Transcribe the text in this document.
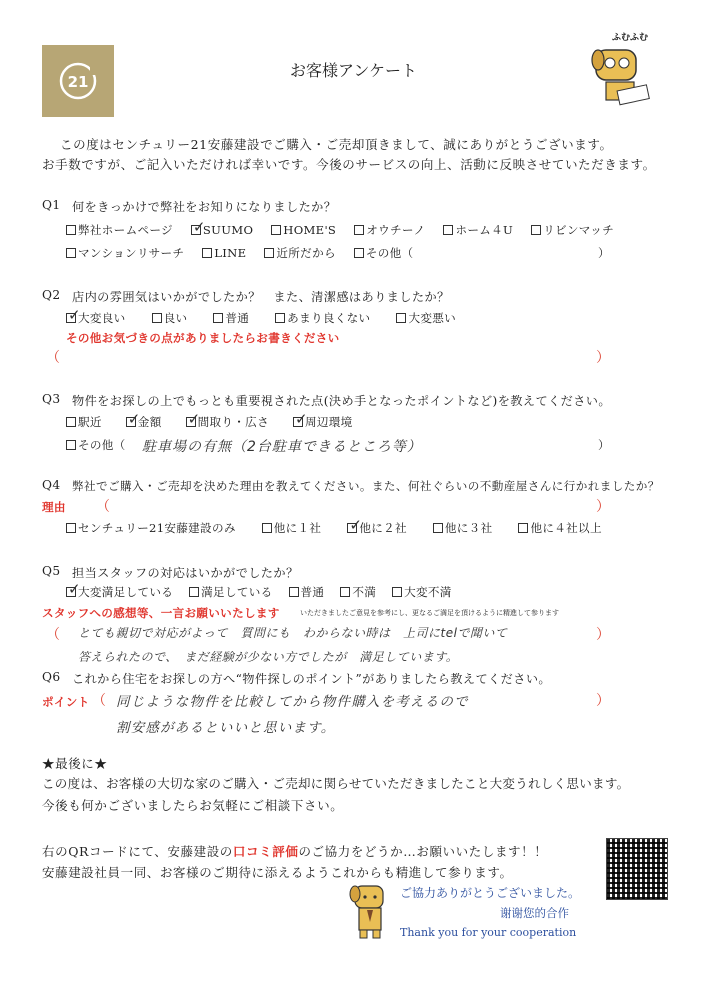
21
お客様アンケート
ふむふむ
この度はセンチュリー21安藤建設でご購入・ご売却頂きまして、誠にありがとうございます。
お手数ですが、ご記入いただければ幸いです。今後のサービスの向上、活動に反映させていただきます。
Q1 何をきっかけで弊社をお知りになりましたか？
弊社ホームページ ✓
SUUMO	HOME'S	オウチーノ	ホーム４U	リビンマッチ
マンションリサーチ	LINE	近所だから	その他（	）
Q2 店内の雰囲気はいかがでしたか？　また、清潔感はありましたか？
✓
大変良い	良い	普通	あまり良くない	大変悪い
その他お気づきの点がありましたらお書きください
（	）
Q3 物件をお探しの上でもっとも重要視された点(決め手となったポイントなど)を教えてください。
駅近 ✓
金額 ✓
間取り・広さ ✓
周辺環境
その他（ 駐車場の有無（2台駐車できるところ等）	）
Q4 弊社でご購入・ご売却を決めた理由を教えてください。また、何社ぐらいの不動産屋さんに行かれましたか？
理由 （	）
センチュリー21安藤建設のみ	他に１社 ✓
他に２社	他に３社	他に４社以上
Q5 担当スタッフの対応はいかがでしたか？
✓
大変満足している 満足している 普通 不満 大変不満
スタッフへの感想等、一言お願いいたします	いただきましたご意見を参考にし、更なるご満足を頂けるように精進して参ります
（ とても親切で対応がよって　質問にも　わからない時は　上司にtelで聞いて
答えられたので、　まだ経験が少ない方でしたが　満足しています。
）
Q6 これから住宅をお探しの方へ“物件探しのポイント”がありましたら教えてください。
ポイント （ 同じような物件を比較してから物件購入を考えるので
割安感があるといいと思います。
）
★最後に★
この度は、お客様の大切な家のご購入・ご売却に関らせていただきましたこと大変うれしく思います。
今後も何かございましたらお気軽にご相談下さい。
右のQRコードにて、安藤建設の口コミ評価のご協力をどうか…お願いいたします！！
安藤建設社員一同、お客様のご期待に添えるようこれからも精進して参ります。
ご協力ありがとうございました。
谢谢您的合作
Thank you for your cooperation
